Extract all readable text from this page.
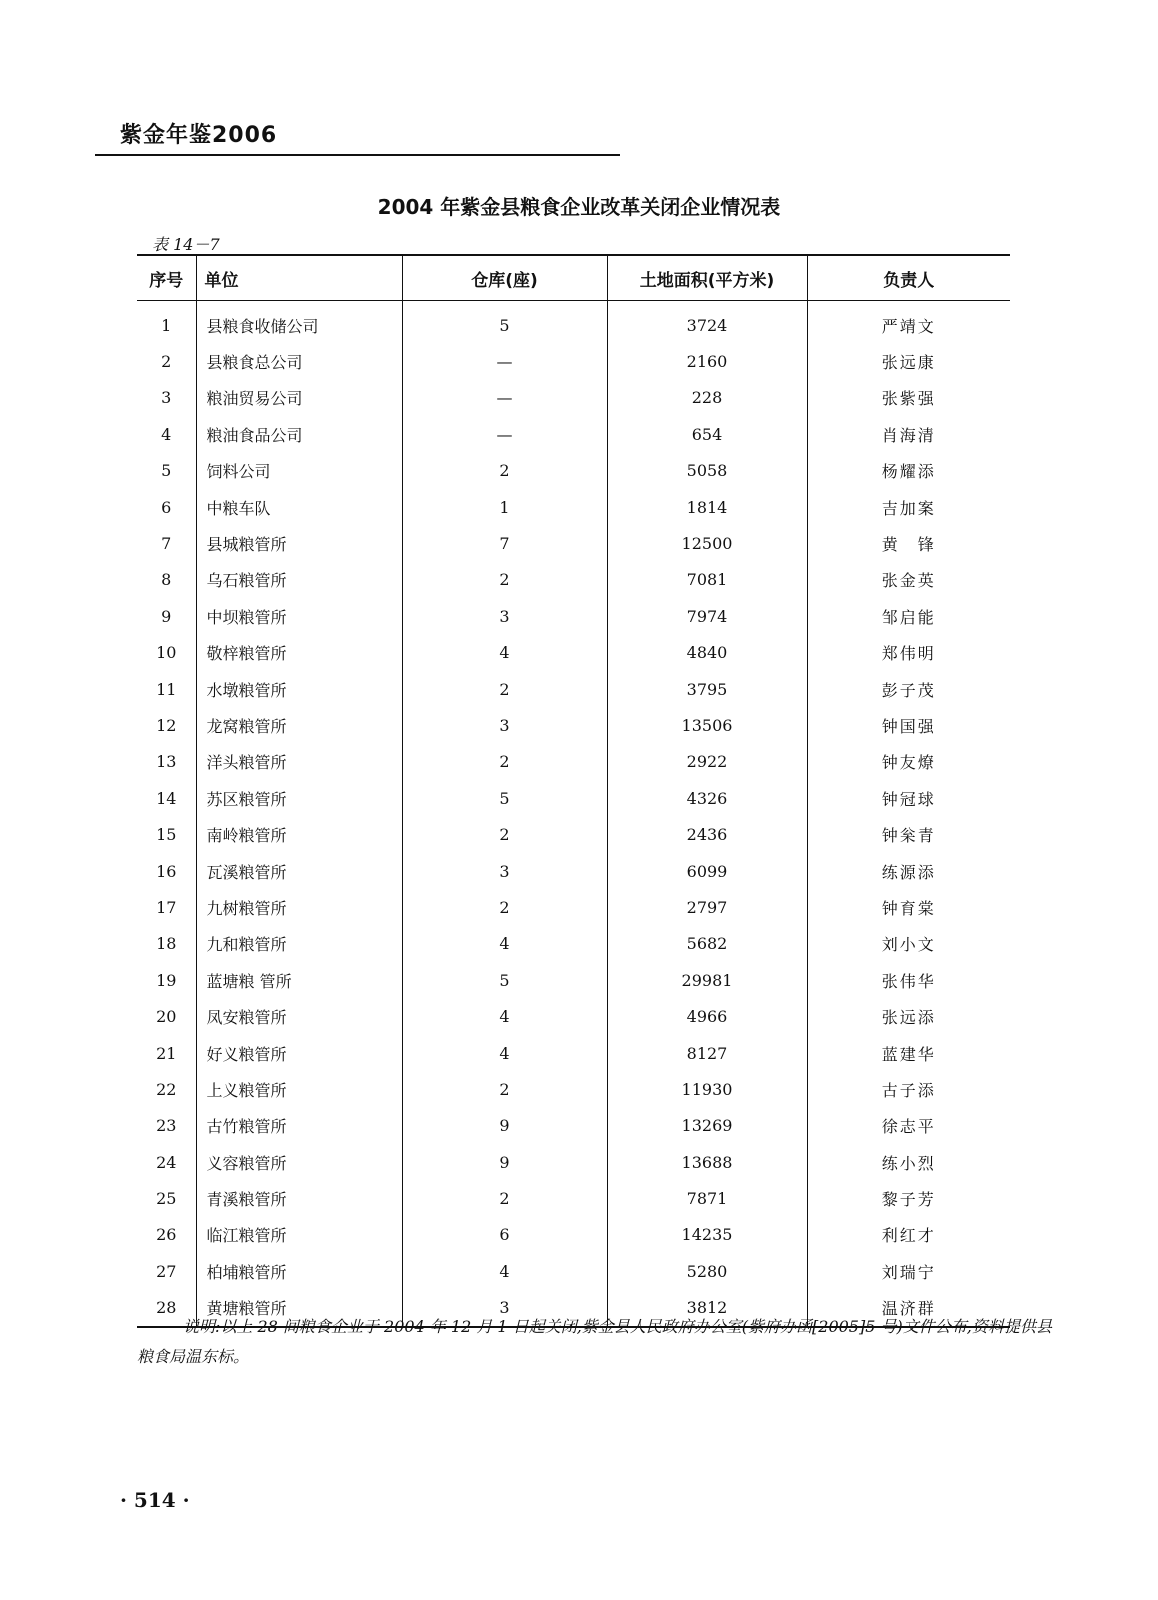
紫金年鉴2006
2004 年紫金县粮食企业改革关闭企业情况表
表 14－7
序号	单位	仓库(座)	土地面积(平方米)	负责人
1	县粮食收储公司	5	3724	严靖文
2	县粮食总公司	—	2160	张远康
3	粮油贸易公司	—	228	张紫强
4	粮油食品公司	—	654	肖海清
5	饲料公司	2	5058	杨耀添
6	中粮车队	1	1814	吉加案
7	县城粮管所	7	12500	黄　锋
8	乌石粮管所	2	7081	张金英
9	中坝粮管所	3	7974	邹启能
10	敬梓粮管所	4	4840	郑伟明
11	水墩粮管所	2	3795	彭子茂
12	龙窝粮管所	3	13506	钟国强
13	洋头粮管所	2	2922	钟友燎
14	苏区粮管所	5	4326	钟冠球
15	南岭粮管所	2	2436	钟枀青
16	瓦溪粮管所	3	6099	练源添
17	九树粮管所	2	2797	钟育棠
18	九和粮管所	4	5682	刘小文
19	蓝塘粮 管所	5	29981	张伟华
20	凤安粮管所	4	4966	张远添
21	好义粮管所	4	8127	蓝建华
22	上义粮管所	2	11930	古子添
23	古竹粮管所	9	13269	徐志平
24	义容粮管所	9	13688	练小烈
25	青溪粮管所	2	7871	黎子芳
26	临江粮管所	6	14235	利红才
27	柏埔粮管所	4	5280	刘瑞宁
28	黄塘粮管所	3	3812	温济群
说明:以上 28 间粮食企业于 2004 年 12 月 1 日起关闭,紫金县人民政府办公室(紫府办函[2005]5 号)文件公布,资料提供县粮食局温东标。
· 514 ·
